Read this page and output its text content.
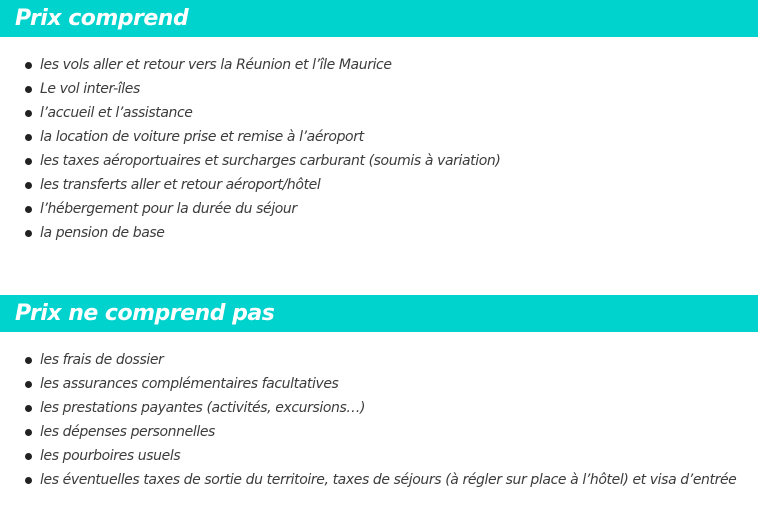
Prix comprend
les vols aller et retour vers la Réunion et l’île Maurice
Le vol inter-îles
l’accueil et l’assistance
la location de voiture prise et remise à l’aéroport
les taxes aéroportuaires et surcharges carburant (soumis à variation)
les transferts aller et retour aéroport/hôtel
l’hébergement pour la durée du séjour
la pension de base
Prix ne comprend pas
les frais de dossier
les assurances complémentaires facultatives
les prestations payantes (activités, excursions…)
les dépenses personnelles
les pourboires usuels
les éventuelles taxes de sortie du territoire, taxes de séjours (à régler sur place à l’hôtel) et visa d’entrée
